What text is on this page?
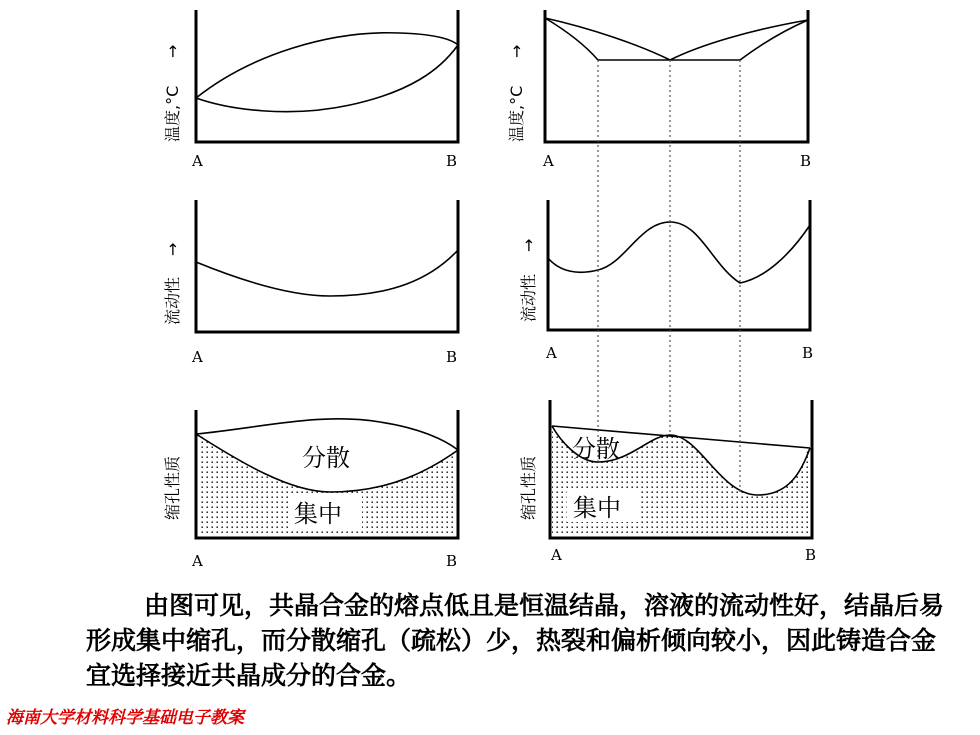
温度,°C
→
A	B
流动性
→
A	B
缩孔性质	分散
集中
A	B
温度,°C
→
A	B
流动性
→
A	B
缩孔性质
分散
集中
A	B

由图可见，共晶合金的熔点低且是恒温结晶，溶液的流动性好，结晶后易形成集中缩孔，而分散缩孔（疏松）少，热裂和偏析倾向较小，因此铸造合金宜选择接近共晶成分的合金。

海南大学材料科学基础电子教案
